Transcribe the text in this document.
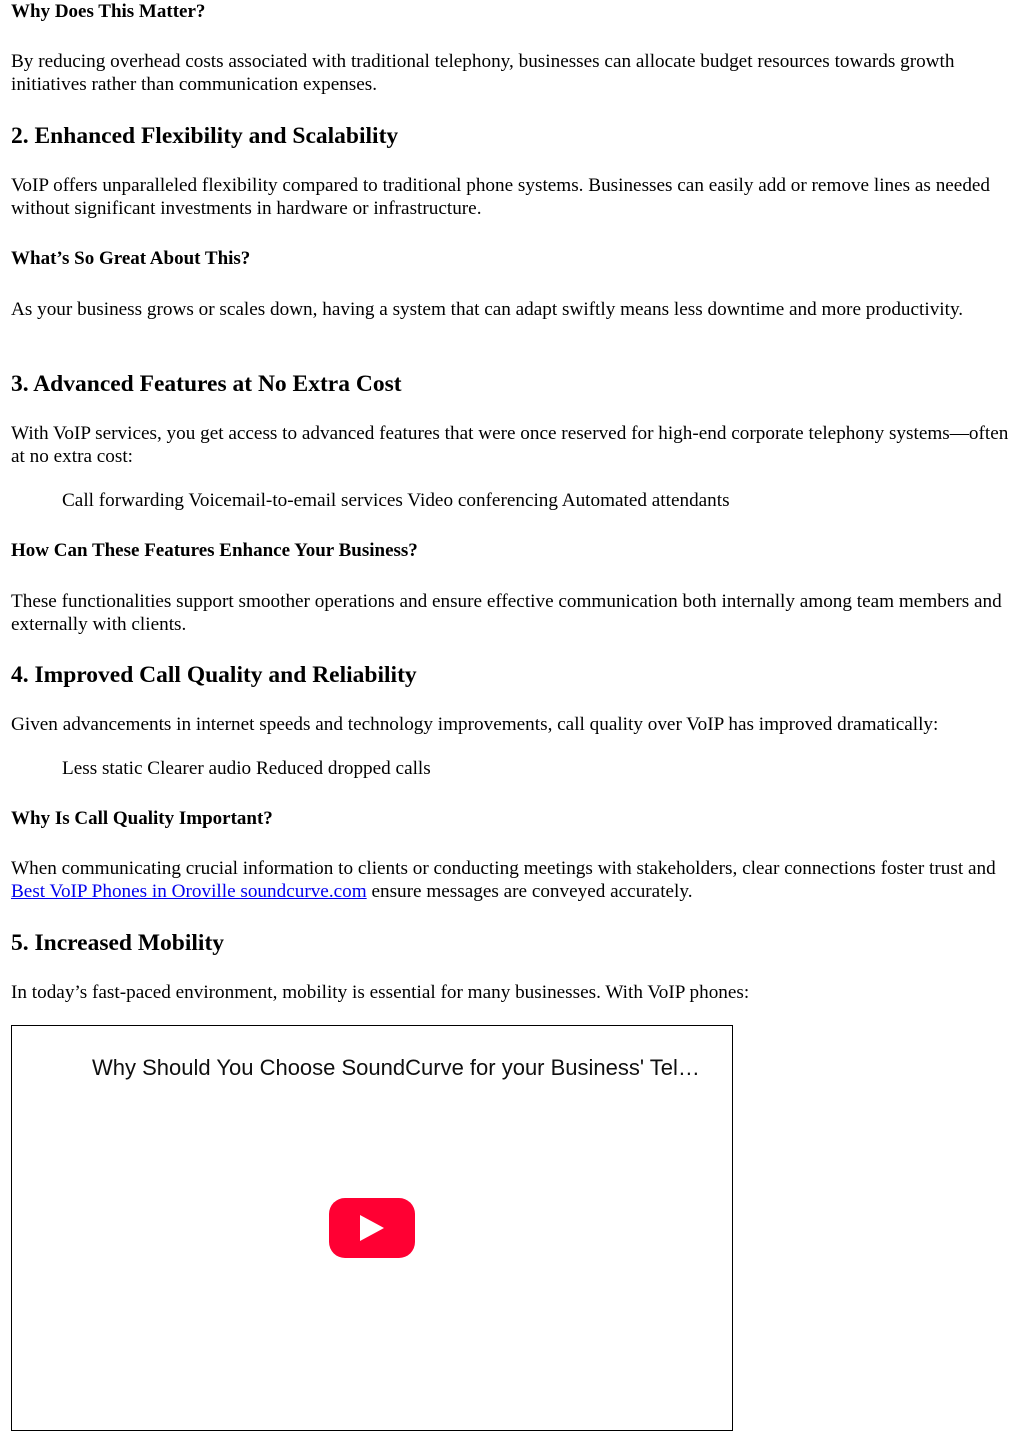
Why Does This Matter?

By reducing overhead costs associated with traditional telephony, businesses can allocate budget resources towards growth initiatives rather than communication expenses.

2. Enhanced Flexibility and Scalability

VoIP offers unparalleled flexibility compared to traditional phone systems. Businesses can easily add or remove lines as needed without significant investments in hardware or infrastructure.

What’s So Great About This?

As your business grows or scales down, having a system that can adapt swiftly means less downtime and more productivity.

3. Advanced Features at No Extra Cost

With VoIP services, you get access to advanced features that were once reserved for high-end corporate telephony systems—often at no extra cost:

Call forwarding Voicemail-to-email services Video conferencing Automated attendants

How Can These Features Enhance Your Business?

These functionalities support smoother operations and ensure effective communication both internally among team members and externally with clients.

4. Improved Call Quality and Reliability

Given advancements in internet speeds and technology improvements, call quality over VoIP has improved dramatically:

Less static Clearer audio Reduced dropped calls

Why Is Call Quality Important?

When communicating crucial information to clients or conducting meetings with stakeholders, clear connections foster trust and Best VoIP Phones in Oroville soundcurve.com ensure messages are conveyed accurately.

5. Increased Mobility

In today’s fast-paced environment, mobility is essential for many businesses. With VoIP phones:

Why Should You Choose SoundCurve for your Business' Tel…
